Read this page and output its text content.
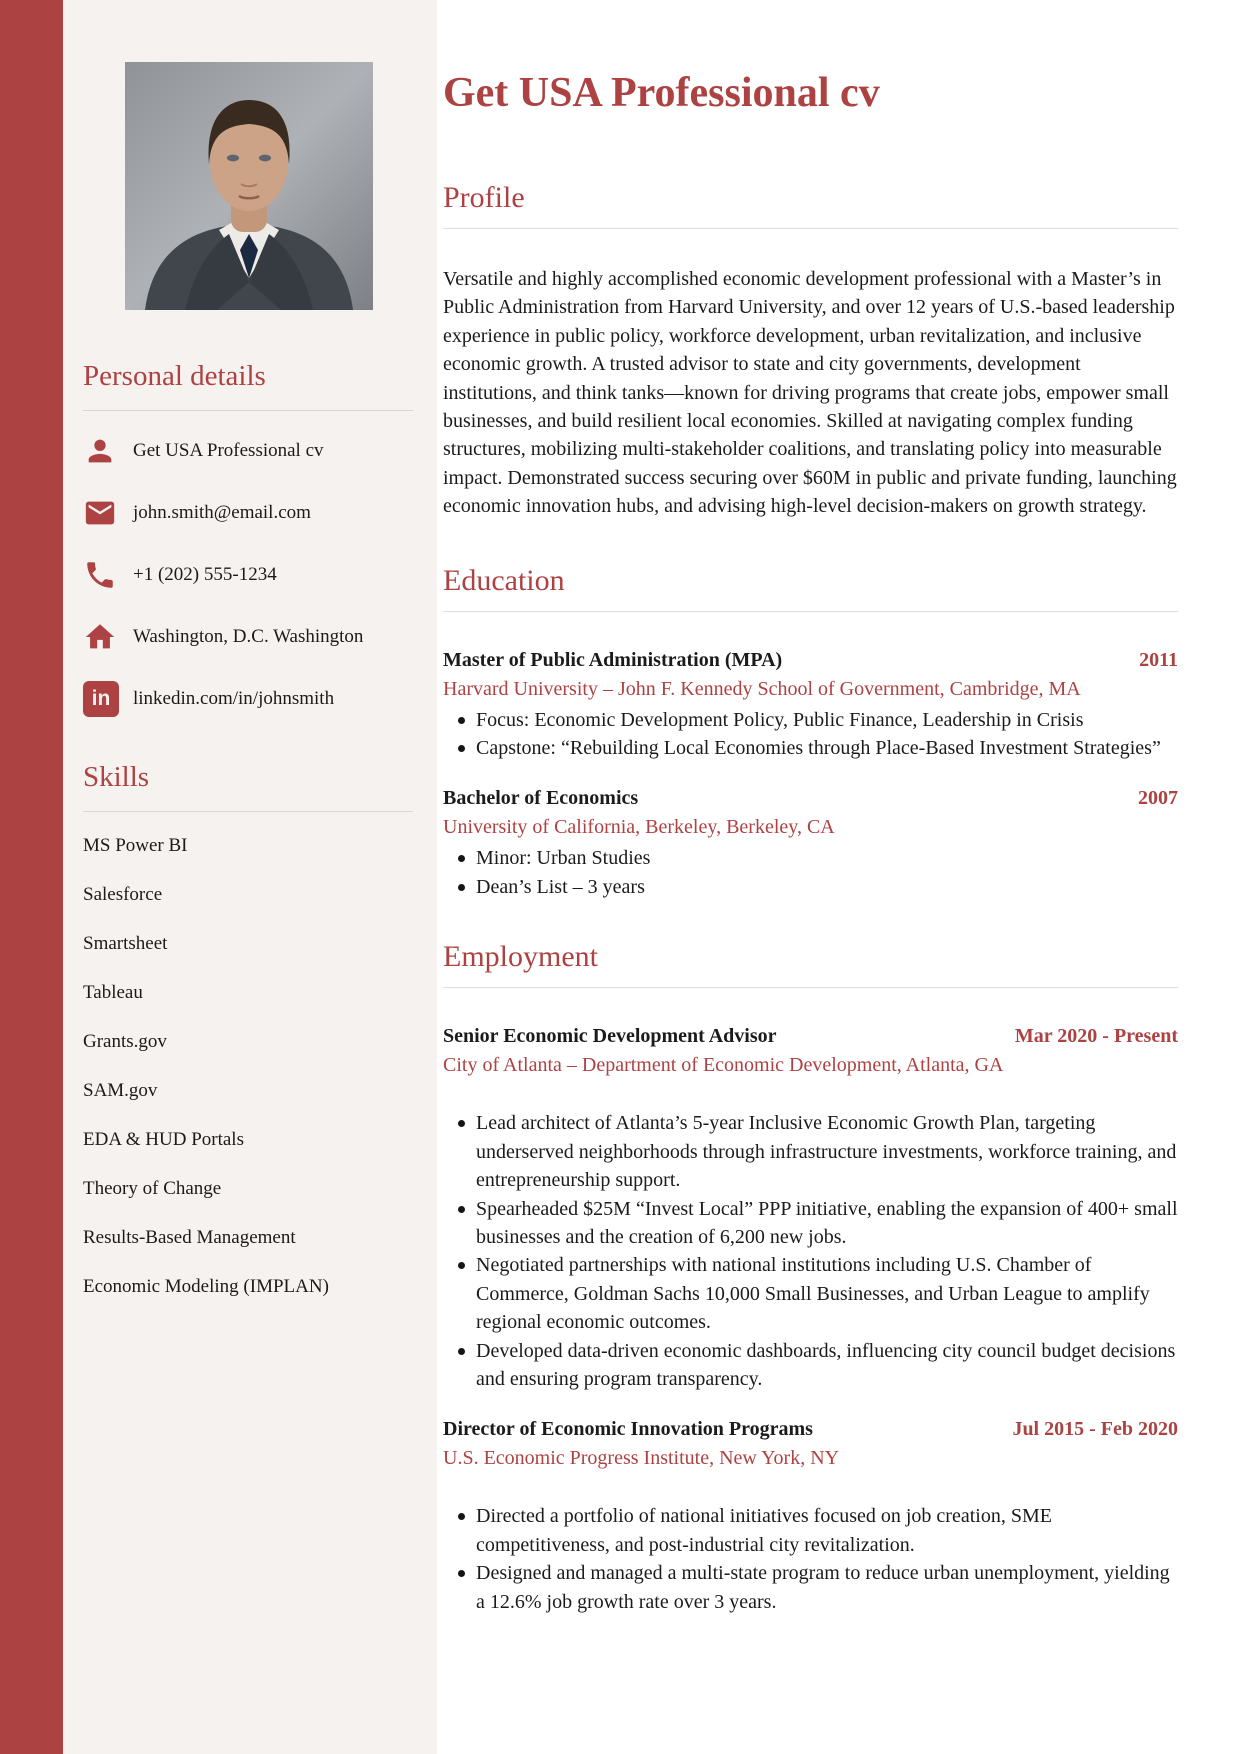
Personal details
Get USA Professional cv
john.smith@email.com
+1 (202) 555-1234
Washington, D.C. Washington
in	linkedin.com/in/johnsmith
Skills
MS Power BI
Salesforce
Smartsheet
Tableau
Grants.gov
SAM.gov
EDA & HUD Portals
Theory of Change
Results-Based Management
Economic Modeling (IMPLAN)
Get USA Professional cv
Profile

Versatile and highly accomplished economic development professional with a Master’s in Public Administration from Harvard University, and over 12 years of U.S.-based leadership experience in public policy, workforce development, urban revitalization, and inclusive economic growth. A trusted advisor to state and city governments, development institutions, and think tanks—known for driving programs that create jobs, empower small businesses, and build resilient local economies. Skilled at navigating complex funding structures, mobilizing multi-stakeholder coalitions, and translating policy into measurable impact. Demonstrated success securing over $60M in public and private funding, launching economic innovation hubs, and advising high-level decision-makers on growth strategy.

Education
Master of Public Administration (MPA)	2011
Harvard University – John F. Kennedy School of Government, Cambridge, MA
Focus: Economic Development Policy, Public Finance, Leadership in Crisis
Capstone: “Rebuilding Local Economies through Place-Based Investment Strategies”
Bachelor of Economics	2007
University of California, Berkeley, Berkeley, CA
Minor: Urban Studies
Dean’s List – 3 years
Employment
Senior Economic Development Advisor	Mar 2020 - Present
City of Atlanta – Department of Economic Development, Atlanta, GA
Lead architect of Atlanta’s 5-year Inclusive Economic Growth Plan, targeting underserved neighborhoods through infrastructure investments, workforce training, and entrepreneurship support.
Spearheaded $25M “Invest Local” PPP initiative, enabling the expansion of 400+ small businesses and the creation of 6,200 new jobs.
Negotiated partnerships with national institutions including U.S. Chamber of Commerce, Goldman Sachs 10,000 Small Businesses, and Urban League to amplify regional economic outcomes.
Developed data-driven economic dashboards, influencing city council budget decisions and ensuring program transparency.
Director of Economic Innovation Programs	Jul 2015 - Feb 2020
U.S. Economic Progress Institute, New York, NY
Directed a portfolio of national initiatives focused on job creation, SME competitiveness, and post-industrial city revitalization.
Designed and managed a multi-state program to reduce urban unemployment, yielding a 12.6% job growth rate over 3 years.
